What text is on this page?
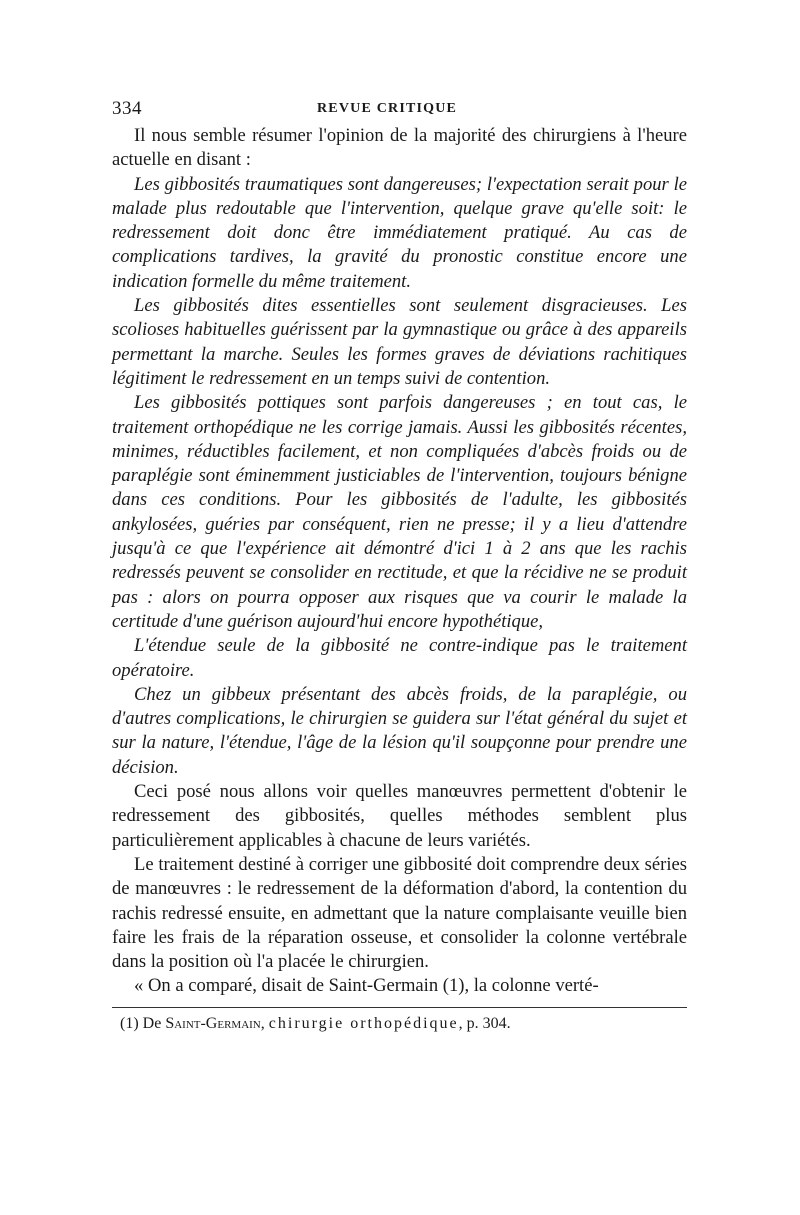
334	REVUE CRITIQUE

Il nous semble résumer l'opinion de la majorité des chirurgiens à l'heure actuelle en disant :

Les gibbosités traumatiques sont dangereuses; l'expectation serait pour le malade plus redoutable que l'intervention, quelque grave qu'elle soit: le redressement doit donc être immédiatement pratiqué. Au cas de complications tardives, la gravité du pronostic constitue encore une indication formelle du même traitement.

Les gibbosités dites essentielles sont seulement disgracieuses. Les scolioses habituelles guérissent par la gymnastique ou grâce à des appareils permettant la marche. Seules les formes graves de déviations rachitiques légitiment le redressement en un temps suivi de contention.

Les gibbosités pottiques sont parfois dangereuses ; en tout cas, le traitement orthopédique ne les corrige jamais. Aussi les gibbosités récentes, minimes, réductibles facilement, et non compliquées d'abcès froids ou de paraplégie sont éminemment justiciables de l'intervention, toujours bénigne dans ces conditions. Pour les gibbosités de l'adulte, les gibbosités ankylosées, guéries par conséquent, rien ne presse; il y a lieu d'attendre jusqu'à ce que l'expérience ait démontré d'ici 1 à 2 ans que les rachis redressés peuvent se consolider en rectitude, et que la récidive ne se produit pas : alors on pourra opposer aux risques que va courir le malade la certitude d'une guérison aujourd'hui encore hypothétique,

L'étendue seule de la gibbosité ne contre-indique pas le traitement opératoire.

Chez un gibbeux présentant des abcès froids, de la paraplégie, ou d'autres complications, le chirurgien se guidera sur l'état général du sujet et sur la nature, l'étendue, l'âge de la lésion qu'il soupçonne pour prendre une décision.

Ceci posé nous allons voir quelles manœuvres permettent d'obtenir le redressement des gibbosités, quelles méthodes semblent plus particulièrement applicables à chacune de leurs variétés.

Le traitement destiné à corriger une gibbosité doit comprendre deux séries de manœuvres : le redressement de la déformation d'abord, la contention du rachis redressé ensuite, en admettant que la nature complaisante veuille bien faire les frais de la réparation osseuse, et consolider la colonne vertébrale dans la position où l'a placée le chirurgien.

« On a comparé, disait de Saint-Germain (1), la colonne verté-

(1) De Saint-Germain, chirurgie orthopédique, p. 304.
